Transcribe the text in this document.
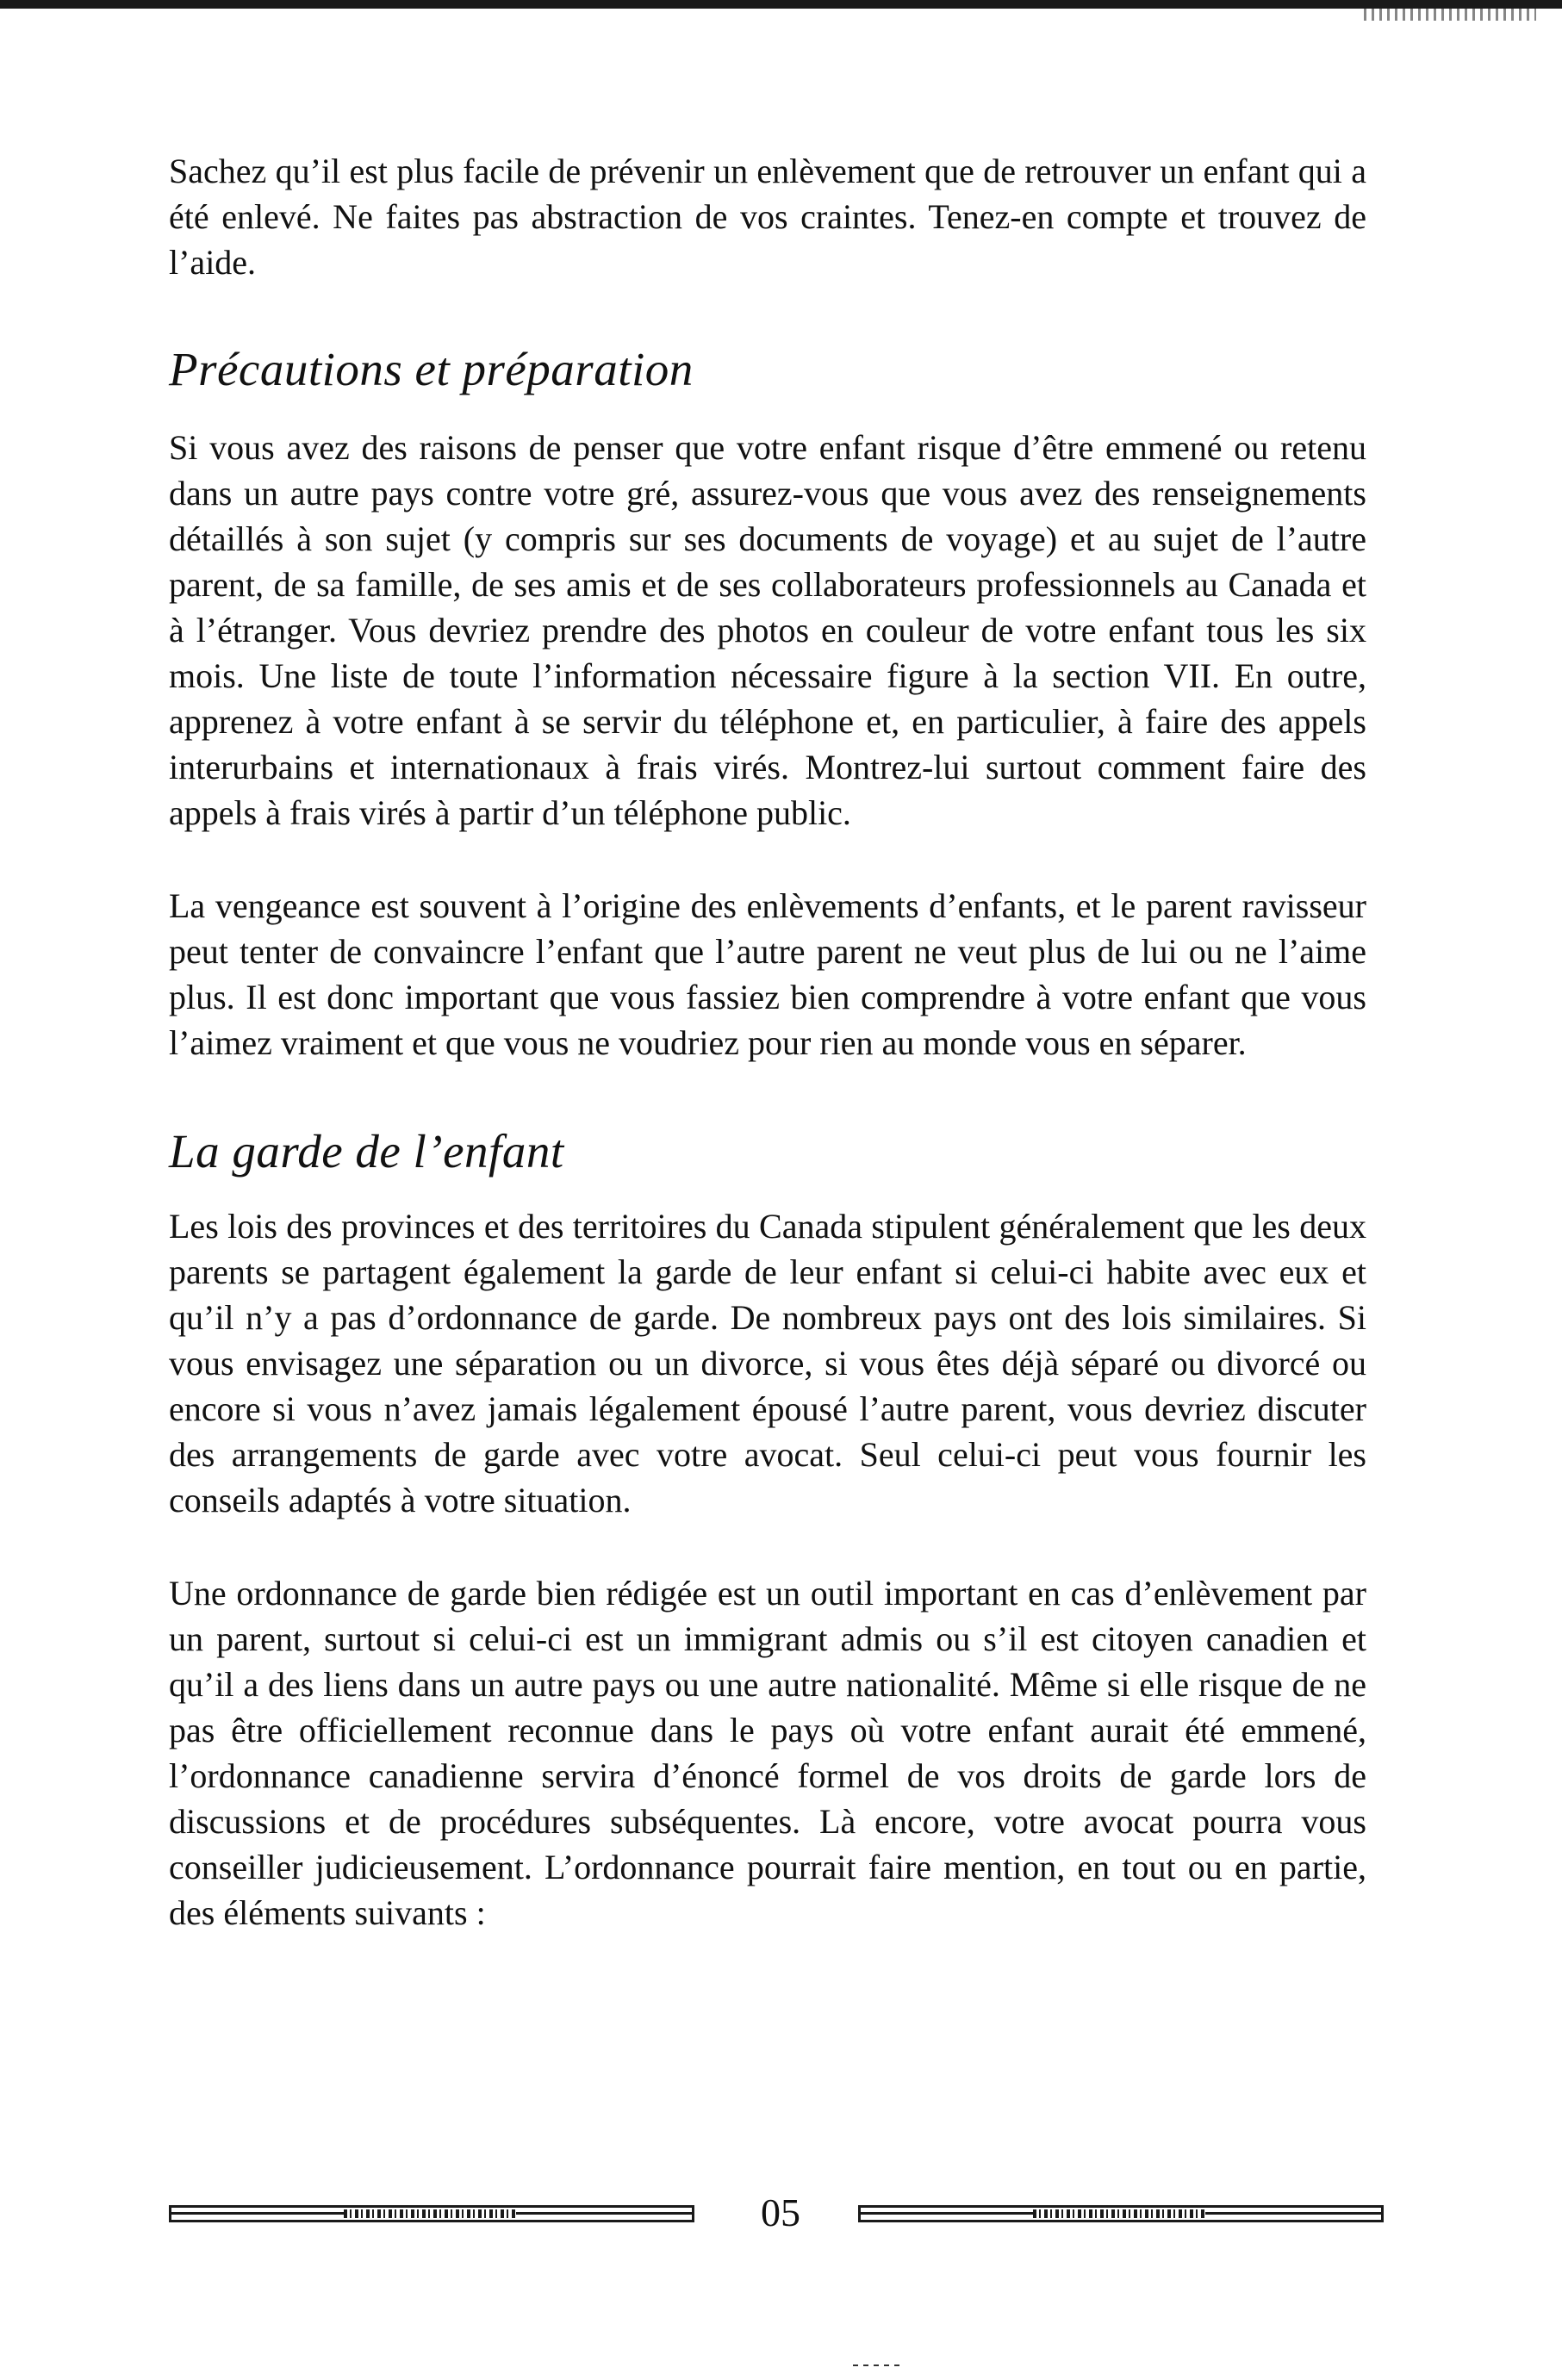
Sachez qu’il est plus facile de prévenir un enlèvement que de retrouver un enfant qui a été enlevé. Ne faites pas abstraction de vos craintes. Tenez-en compte et trouvez de l’aide.

Précautions et préparation

Si vous avez des raisons de penser que votre enfant risque d’être emmené ou retenu dans un autre pays contre votre gré, assurez-vous que vous avez des renseignements détaillés à son sujet (y compris sur ses documents de voyage) et au sujet de l’autre parent, de sa famille, de ses amis et de ses collaborateurs professionnels au Canada et à l’étranger. Vous devriez prendre des photos en couleur de votre enfant tous les six mois. Une liste de toute l’information nécessaire figure à la section VII. En outre, apprenez à votre enfant à se servir du téléphone et, en particulier, à faire des appels interurbains et internationaux à frais virés. Montrez-lui surtout comment faire des appels à frais virés à partir d’un téléphone public.

La vengeance est souvent à l’origine des enlèvements d’enfants, et le parent ravisseur peut tenter de convaincre l’enfant que l’autre parent ne veut plus de lui ou ne l’aime plus. Il est donc important que vous fassiez bien comprendre à votre enfant que vous l’aimez vraiment et que vous ne voudriez pour rien au monde vous en séparer.

La garde de l’enfant

Les lois des provinces et des territoires du Canada stipulent généralement que les deux parents se partagent également la garde de leur enfant si celui-ci habite avec eux et qu’il n’y a pas d’ordonnance de garde. De nombreux pays ont des lois similaires. Si vous envisagez une séparation ou un divorce, si vous êtes déjà séparé ou divorcé ou encore si vous n’avez jamais légalement épousé l’autre parent, vous devriez discuter des arrangements de garde avec votre avocat. Seul celui-ci peut vous fournir les conseils adaptés à votre situation.

Une ordonnance de garde bien rédigée est un outil important en cas d’enlèvement par un parent, surtout si celui-ci est un immigrant admis ou s’il est citoyen canadien et qu’il a des liens dans un autre pays ou une autre nationalité. Même si elle risque de ne pas être officiellement reconnue dans le pays où votre enfant aurait été emmené, l’ordonnance canadienne servira d’énoncé formel de vos droits de garde lors de discussions et de procédures subséquentes. Là encore, votre avocat pourra vous conseiller judicieusement. L’ordonnance pourrait faire mention, en tout ou en partie, des éléments suivants :

05
